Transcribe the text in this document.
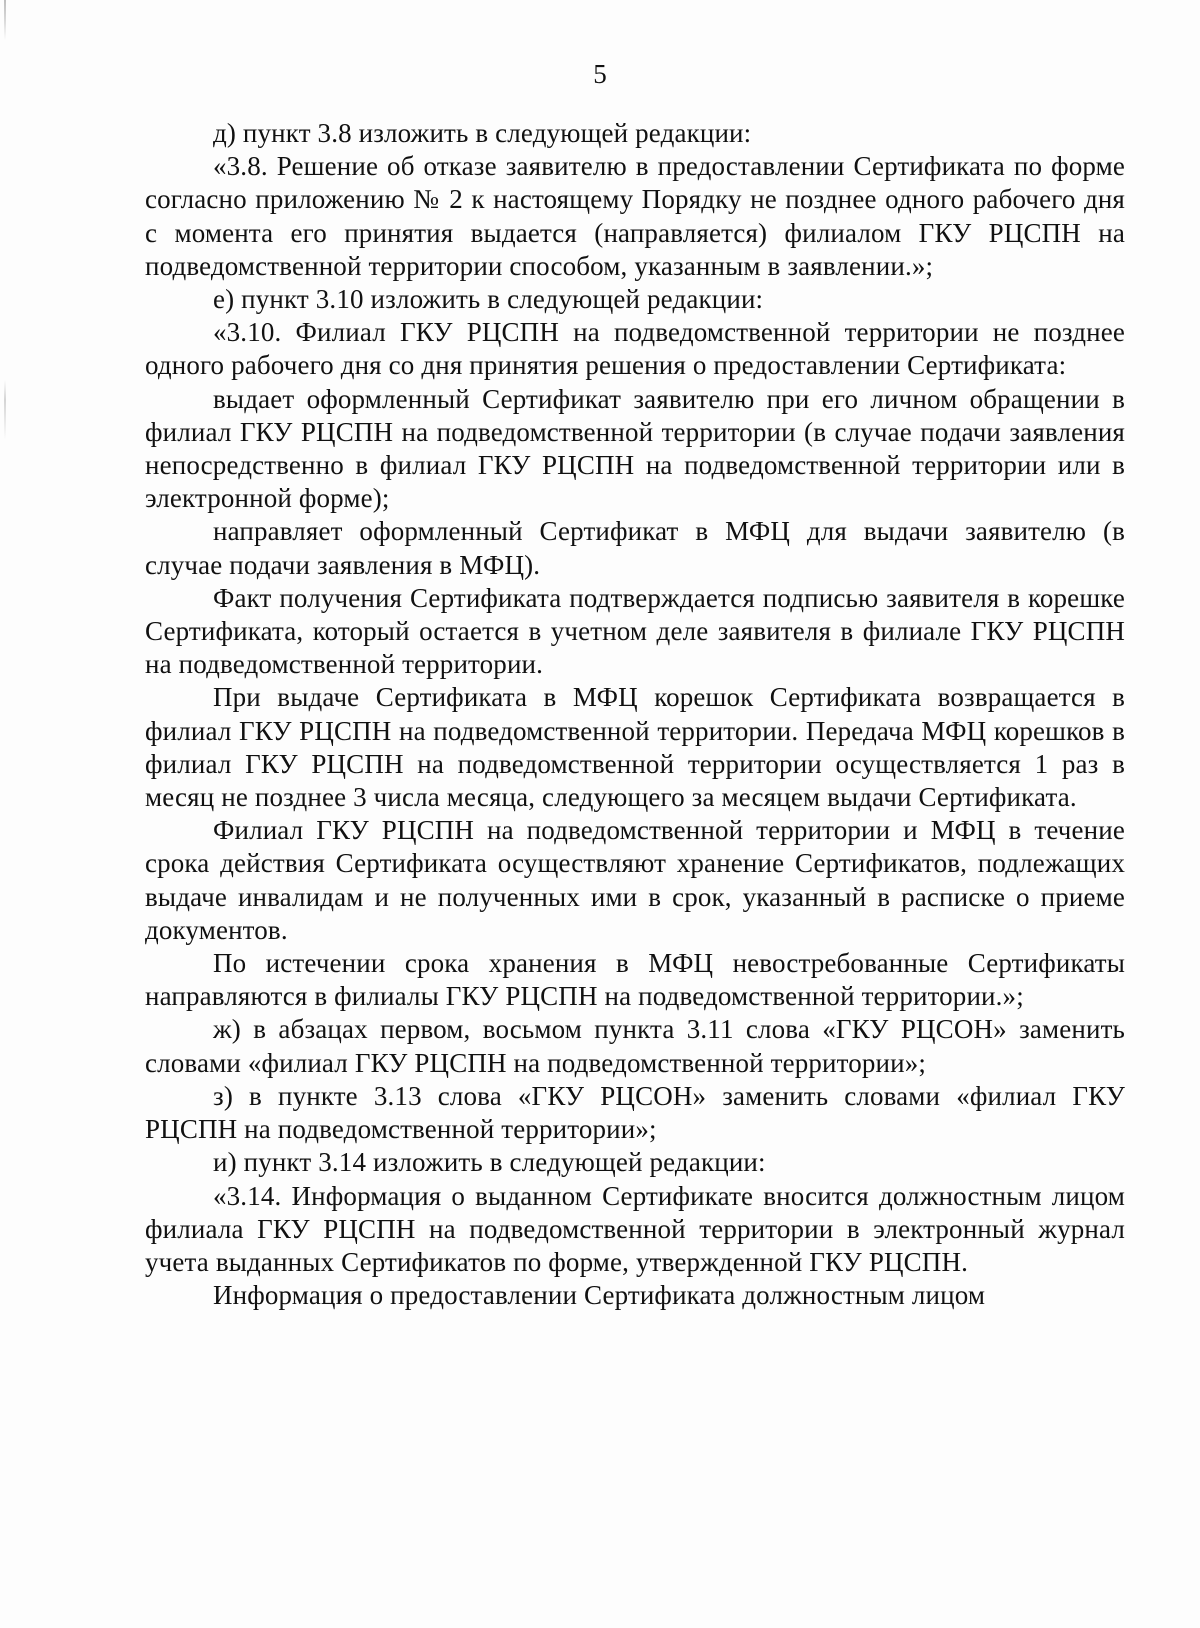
5

д) пункт 3.8 изложить в следующей редакции:

«3.8. Решение об отказе заявителю в предоставлении Сертификата по форме согласно приложению № 2 к настоящему Порядку не позднее одного рабочего дня с момента его принятия выдается (направляется) филиалом ГКУ РЦСПН на подведомственной территории способом, указанным в заявлении.»;

е) пункт 3.10 изложить в следующей редакции:

«3.10. Филиал ГКУ РЦСПН на подведомственной территории не позднее одного рабочего дня со дня принятия решения о предоставлении Сертификата:

выдает оформленный Сертификат заявителю при его личном обращении в филиал ГКУ РЦСПН на подведомственной территории (в случае подачи заявления непосредственно в филиал ГКУ РЦСПН на подведомственной территории или в электронной форме);

направляет оформленный Сертификат в МФЦ для выдачи заявителю (в случае подачи заявления в МФЦ).

Факт получения Сертификата подтверждается подписью заявителя в корешке Сертификата, который остается в учетном деле заявителя в филиале ГКУ РЦСПН на подведомственной территории.

При выдаче Сертификата в МФЦ корешок Сертификата возвращается в филиал ГКУ РЦСПН на подведомственной территории. Передача МФЦ корешков в филиал ГКУ РЦСПН на подведомственной территории осуществляется 1 раз в месяц не позднее 3 числа месяца, следующего за месяцем выдачи Сертификата.

Филиал ГКУ РЦСПН на подведомственной территории и МФЦ в течение срока действия Сертификата осуществляют хранение Сертификатов, подлежащих выдаче инвалидам и не полученных ими в срок, указанный в расписке о приеме документов.

По истечении срока хранения в МФЦ невостребованные Сертификаты направляются в филиалы ГКУ РЦСПН на подведомственной территории.»;

ж) в абзацах первом, восьмом пункта 3.11 слова «ГКУ РЦСОН» заменить словами «филиал ГКУ РЦСПН на подведомственной территории»;

з) в пункте 3.13 слова «ГКУ РЦСОН» заменить словами «филиал ГКУ РЦСПН на подведомственной территории»;

и) пункт 3.14 изложить в следующей редакции:

«3.14. Информация о выданном Сертификате вносится должностным лицом филиала ГКУ РЦСПН на подведомственной территории в электронный журнал учета выданных Сертификатов по форме, утвержденной ГКУ РЦСПН.

Информация о предоставлении Сертификата должностным лицом
